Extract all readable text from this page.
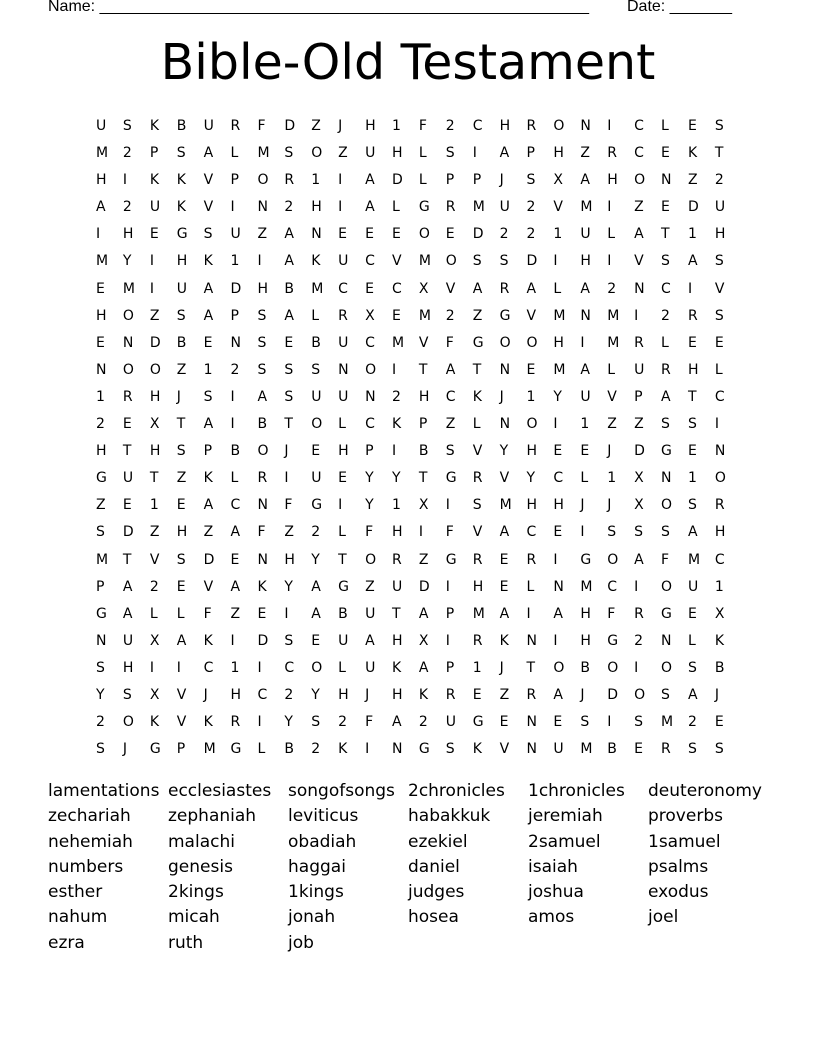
Name: _______________________________________________________ Date: _______
Bible-Old Testament
U	S	K	B	U	R	F	D	Z	J	H	1	F	2	C	H	R	O	N	I	C	L	E	S
M	2	P	S	A	L	M	S	O	Z	U	H	L	S	I	A	P	H	Z	R	C	E	K	T
H	I	K	K	V	P	O	R	1	I	A	D	L	P	P	J	S	X	A	H	O	N	Z	2
A	2	U	K	V	I	N	2	H	I	A	L	G	R	M	U	2	V	M	I	Z	E	D	U
I	H	E	G	S	U	Z	A	N	E	E	E	O	E	D	2	2	1	U	L	A	T	1	H
M	Y	I	H	K	1	I	A	K	U	C	V	M	O	S	S	D	I	H	I	V	S	A	S
E	M	I	U	A	D	H	B	M	C	E	C	X	V	A	R	A	L	A	2	N	C	I	V
H	O	Z	S	A	P	S	A	L	R	X	E	M	2	Z	G	V	M	N	M	I	2	R	S
E	N	D	B	E	N	S	E	B	U	C	M	V	F	G	O	O	H	I	M	R	L	E	E
N	O	O	Z	1	2	S	S	S	N	O	I	T	A	T	N	E	M	A	L	U	R	H	L
1	R	H	J	S	I	A	S	U	U	N	2	H	C	K	J	1	Y	U	V	P	A	T	C
2	E	X	T	A	I	B	T	O	L	C	K	P	Z	L	N	O	I	1	Z	Z	S	S	I
H	T	H	S	P	B	O	J	E	H	P	I	B	S	V	Y	H	E	E	J	D	G	E	N
G	U	T	Z	K	L	R	I	U	E	Y	Y	T	G	R	V	Y	C	L	1	X	N	1	O
Z	E	1	E	A	C	N	F	G	I	Y	1	X	I	S	M	H	H	J	J	X	O	S	R
S	D	Z	H	Z	A	F	Z	2	L	F	H	I	F	V	A	C	E	I	S	S	S	A	H
M	T	V	S	D	E	N	H	Y	T	O	R	Z	G	R	E	R	I	G	O	A	F	M	C
P	A	2	E	V	A	K	Y	A	G	Z	U	D	I	H	E	L	N	M	C	I	O	U	1
G	A	L	L	F	Z	E	I	A	B	U	T	A	P	M	A	I	A	H	F	R	G	E	X
N	U	X	A	K	I	D	S	E	U	A	H	X	I	R	K	N	I	H	G	2	N	L	K
S	H	I	I	C	1	I	C	O	L	U	K	A	P	1	J	T	O	B	O	I	O	S	B
Y	S	X	V	J	H	C	2	Y	H	J	H	K	R	E	Z	R	A	J	D	O	S	A	J
2	O	K	V	K	R	I	Y	S	2	F	A	2	U	G	E	N	E	S	I	S	M	2	E
S	J	G	P	M	G	L	B	2	K	I	N	G	S	K	V	N	U	M	B	E	R	S	S
lamentations ecclesiastes songofsongs 2chronicles	1chronicles	deuteronomy
zechariah	zephaniah	leviticus	habakkuk	jeremiah	proverbs
nehemiah	malachi	obadiah	ezekiel	2samuel	1samuel
numbers	genesis	haggai	daniel	isaiah	psalms
esther	2kings	1kings	judges	joshua	exodus
nahum	micah	jonah	hosea	amos	joel
ezra	ruth	job
